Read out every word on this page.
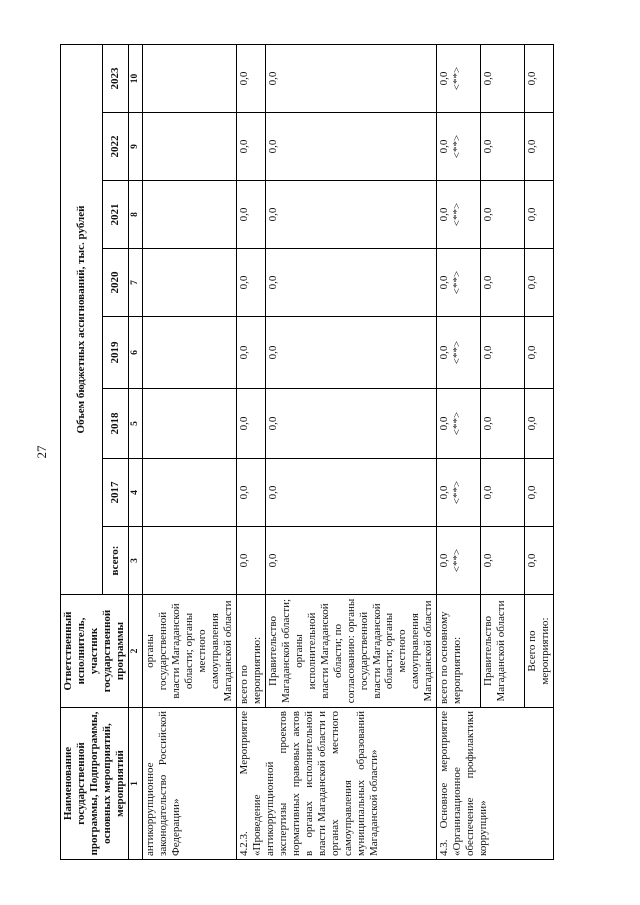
27
Наименование государственной программы, Подпрограммы, основных мероприятий, мероприятий	Ответственный исполнитель, участник государственной программы	Объем бюджетных ассигнований, тыс. рублей							
		всего:	2017	2018	2019	2020	2021	2022	2023
1	2	3	4	5	6	7	8	9	10
антикоррупционное законодательство Российской Федерации»	органы государственной власти Магаданской области; органы местного самоуправления Магаданской области								
4.2.3. Мероприятие «Проведение антикоррупционной экспертизы проектов нормативных правовых актов в органах исполнительной власти Магаданской области и органах местного самоуправления муниципальных образований Магаданской области»	всего по мероприятию:	0,0	0,0	0,0	0,0	0,0	0,0	0,0	0,0
	Правительство Магаданской области; органы исполнительной власти Магаданской области; по согласованию: органы государственной власти Магаданской области; органы местного самоуправления Магаданской области	0,0	0,0	0,0	0,0	0,0	0,0	0,0	0,0
4.3. Основное мероприятие «Организационное обеспечение профилактики коррупции»	всего по основному мероприятию:	0,0 <**>	0,0 <**>	0,0 <**>	0,0 <**>	0,0 <**>	0,0 <**>	0,0 <**>	0,0 <**>

	Правительство Магаданской области	0,0	0,0	0,0	0,0	0,0	0,0	0,0	0,0
	Всего по мероприятию:	0,0	0,0	0,0	0,0	0,0	0,0	0,0	0,0
